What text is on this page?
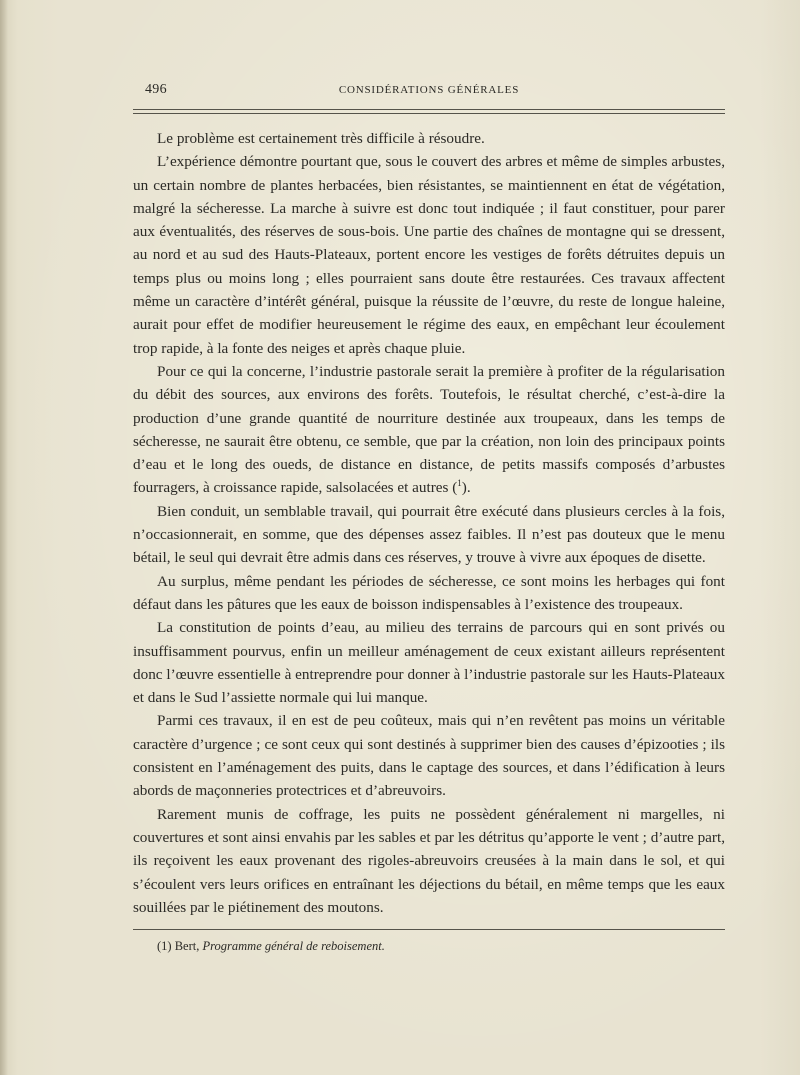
496	CONSIDÉRATIONS GÉNÉRALES

Le problème est certainement très difficile à résoudre.

L’expérience démontre pourtant que, sous le couvert des arbres et même de simples arbustes, un certain nombre de plantes herbacées, bien résistantes, se maintiennent en état de végétation, malgré la sécheresse. La marche à suivre est donc tout indiquée ; il faut constituer, pour parer aux éventualités, des réserves de sous-bois. Une partie des chaînes de montagne qui se dressent, au nord et au sud des Hauts-Plateaux, portent encore les vestiges de forêts détruites depuis un temps plus ou moins long ; elles pourraient sans doute être restaurées. Ces travaux affectent même un caractère d’intérêt général, puisque la réussite de l’œuvre, du reste de longue haleine, aurait pour effet de modifier heureusement le régime des eaux, en empêchant leur écoulement trop rapide, à la fonte des neiges et après chaque pluie.

Pour ce qui la concerne, l’industrie pastorale serait la première à profiter de la régularisation du débit des sources, aux environs des forêts. Toutefois, le résultat cherché, c’est-à-dire la production d’une grande quantité de nourriture destinée aux troupeaux, dans les temps de sécheresse, ne saurait être obtenu, ce semble, que par la création, non loin des principaux points d’eau et le long des oueds, de distance en distance, de petits massifs composés d’arbustes fourragers, à croissance rapide, salsolacées et autres ($^1$).

Bien conduit, un semblable travail, qui pourrait être exécuté dans plusieurs cercles à la fois, n’occasionnerait, en somme, que des dépenses assez faibles. Il n’est pas douteux que le menu bétail, le seul qui devrait être admis dans ces réserves, y trouve à vivre aux époques de disette.

Au surplus, même pendant les périodes de sécheresse, ce sont moins les herbages qui font défaut dans les pâtures que les eaux de boisson indispensables à l’existence des troupeaux.

La constitution de points d’eau, au milieu des terrains de parcours qui en sont privés ou insuffisamment pourvus, enfin un meilleur aménagement de ceux existant ailleurs représentent donc l’œuvre essentielle à entreprendre pour donner à l’industrie pastorale sur les Hauts-Plateaux et dans le Sud l’assiette normale qui lui manque.

Parmi ces travaux, il en est de peu coûteux, mais qui n’en revêtent pas moins un véritable caractère d’urgence ; ce sont ceux qui sont destinés à supprimer bien des causes d’épizooties ; ils consistent en l’aménagement des puits, dans le captage des sources, et dans l’édification à leurs abords de maçonneries protectrices et d’abreuvoirs.

Rarement munis de coffrage, les puits ne possèdent généralement ni margelles, ni couvertures et sont ainsi envahis par les sables et par les détritus qu’apporte le vent ; d’autre part, ils reçoivent les eaux provenant des rigoles-abreuvoirs creusées à la main dans le sol, et qui s’écoulent vers leurs orifices en entraînant les déjections du bétail, en même temps que les eaux souillées par le piétinement des moutons.

(1) Bert, Programme général de reboisement.
